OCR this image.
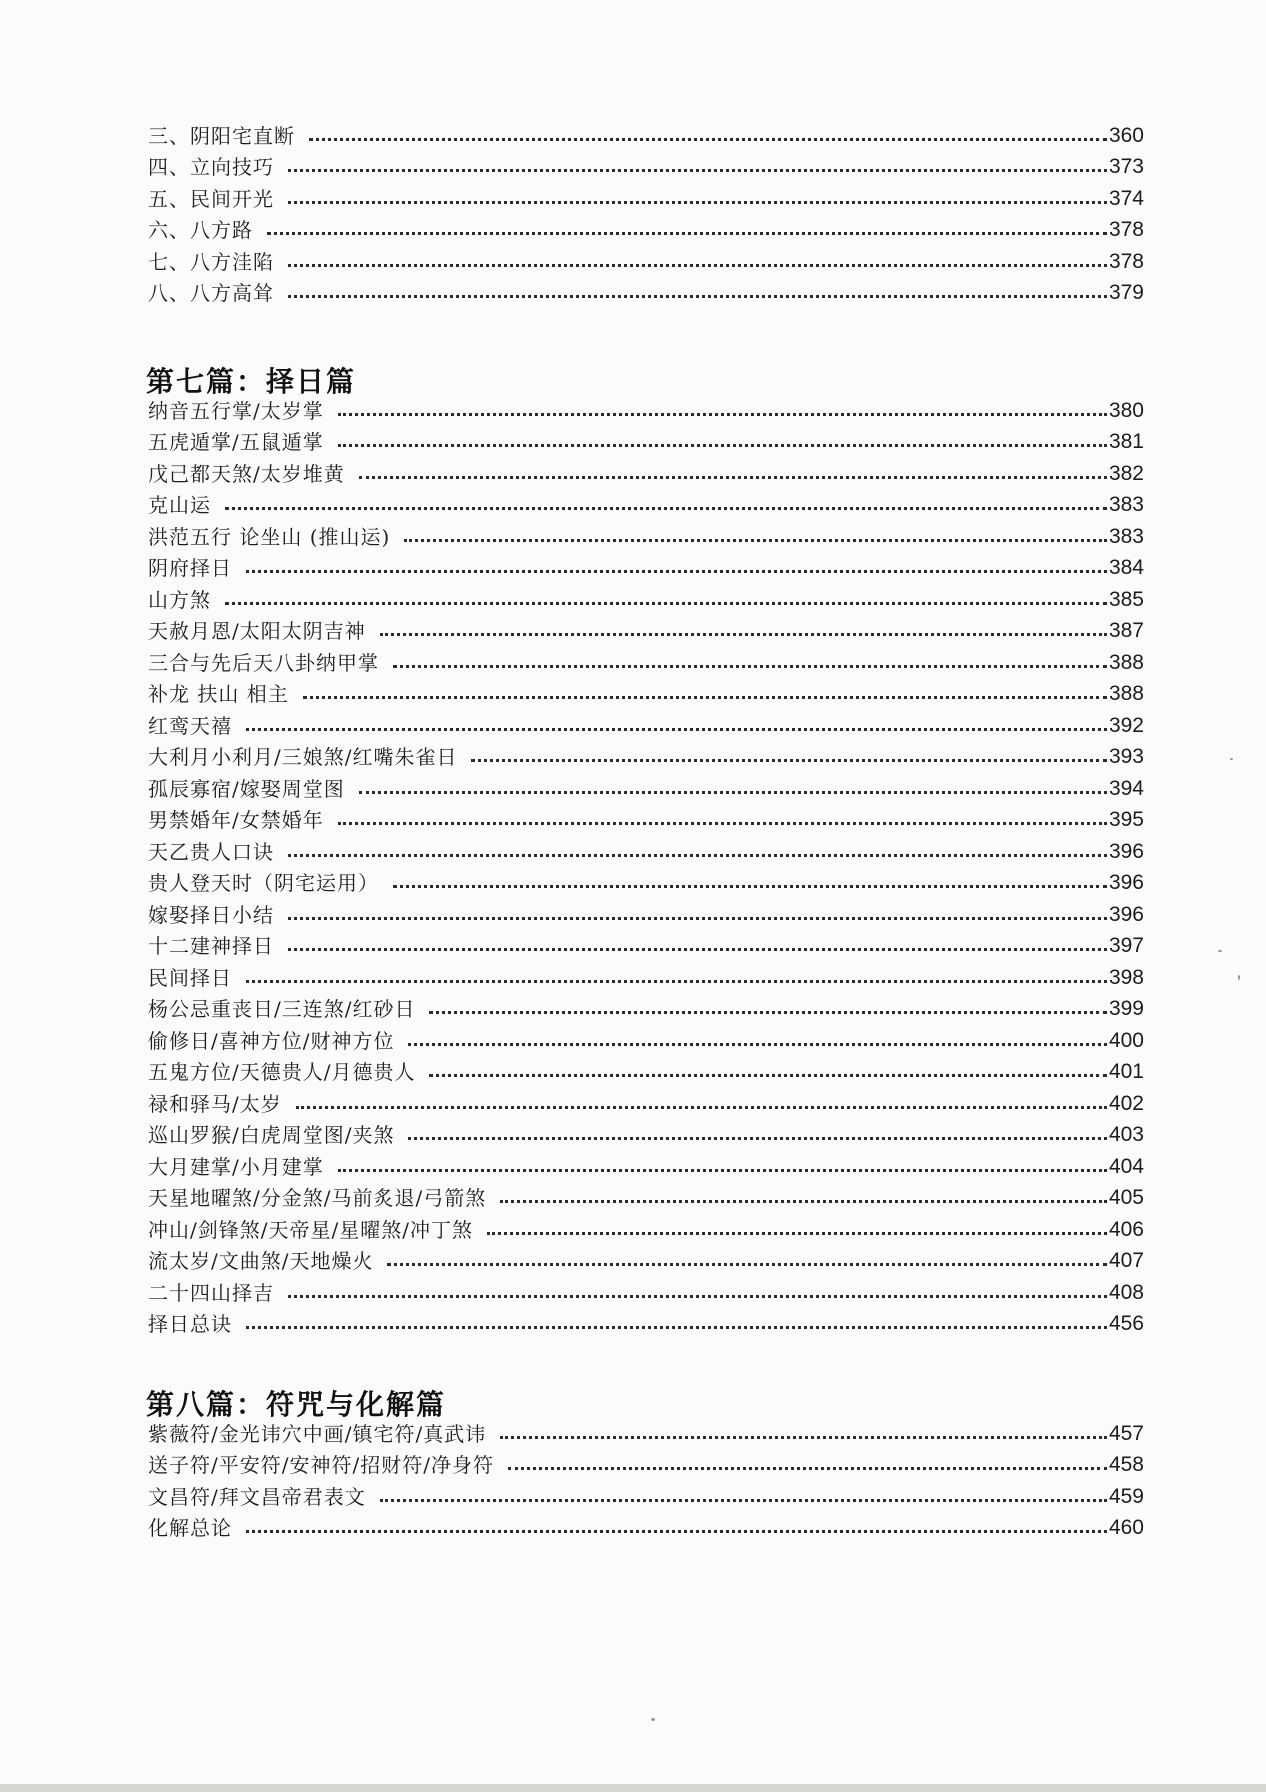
三、阴阳宅直断	360
四、立向技巧	373
五、民间开光	374
六、八方路	378
七、八方洼陷	378
八、八方高耸	379
第七篇：择日篇
纳音五行掌/太岁掌	380
五虎遁掌/五鼠遁掌	381
戊己都天煞/太岁堆黄	382
克山运	383
洪范五行 论坐山 (推山运)	383
阴府择日	384
山方煞	385
天赦月恩/太阳太阴吉神	387
三合与先后天八卦纳甲掌	388
补龙 扶山 相主	388
红鸾天禧	392
大利月小利月/三娘煞/红嘴朱雀日	393
孤辰寡宿/嫁娶周堂图	394
男禁婚年/女禁婚年	395
天乙贵人口诀	396
贵人登天时（阴宅运用）	396
嫁娶择日小结	396
十二建神择日	397
民间择日	398
杨公忌重丧日/三连煞/红砂日	399
偷修日/喜神方位/财神方位	400
五鬼方位/天德贵人/月德贵人	401
禄和驿马/太岁	402
巡山罗猴/白虎周堂图/夹煞	403
大月建掌/小月建掌	404
天星地曜煞/分金煞/马前炙退/弓箭煞	405
冲山/剑锋煞/天帝星/星曜煞/冲丁煞	406
流太岁/文曲煞/天地燥火	407
二十四山择吉	408
择日总诀	456
第八篇：符咒与化解篇
紫薇符/金光讳穴中画/镇宅符/真武讳	457
送子符/平安符/安神符/招财符/净身符	458
文昌符/拜文昌帝君表文	459
化解总论	460
